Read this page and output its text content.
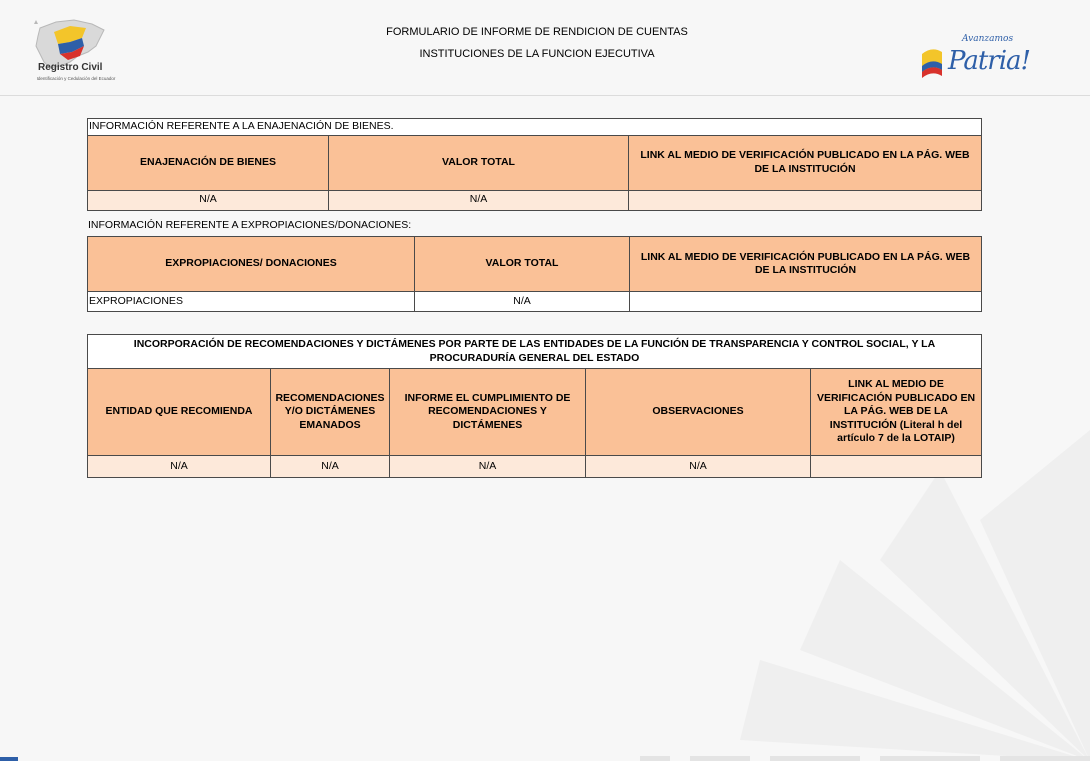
Registro Civil
Identificación y Cedulación del Ecuador
FORMULARIO DE INFORME DE RENDICION DE CUENTAS
INSTITUCIONES DE LA FUNCION EJECUTIVA
Avanzamos
Patria!
INFORMACIÓN REFERENTE A LA ENAJENACIÓN DE BIENES.		
ENAJENACIÓN DE BIENES	VALOR TOTAL	LINK AL MEDIO DE VERIFICACIÓN PUBLICADO EN LA PÁG. WEB DE LA INSTITUCIÓN
N/A	N/A	
INFORMACIÓN REFERENTE A EXPROPIACIONES/DONACIONES:
EXPROPIACIONES/ DONACIONES	VALOR TOTAL	LINK AL MEDIO DE VERIFICACIÓN PUBLICADO EN LA PÁG. WEB DE LA INSTITUCIÓN
EXPROPIACIONES	N/A	
INCORPORACIÓN DE RECOMENDACIONES Y DICTÁMENES POR PARTE DE LAS ENTIDADES DE LA FUNCIÓN DE TRANSPARENCIA Y CONTROL SOCIAL, Y LA PROCURADURÍA GENERAL DEL ESTADO				
ENTIDAD QUE RECOMIENDA	RECOMENDACIONES Y/O DICTÁMENES EMANADOS	INFORME EL CUMPLIMIENTO DE RECOMENDACIONES Y DICTÁMENES	OBSERVACIONES	LINK AL MEDIO DE VERIFICACIÓN PUBLICADO EN LA PÁG. WEB DE LA INSTITUCIÓN (Literal h del artículo 7 de la LOTAIP)
N/A	N/A	N/A	N/A	
